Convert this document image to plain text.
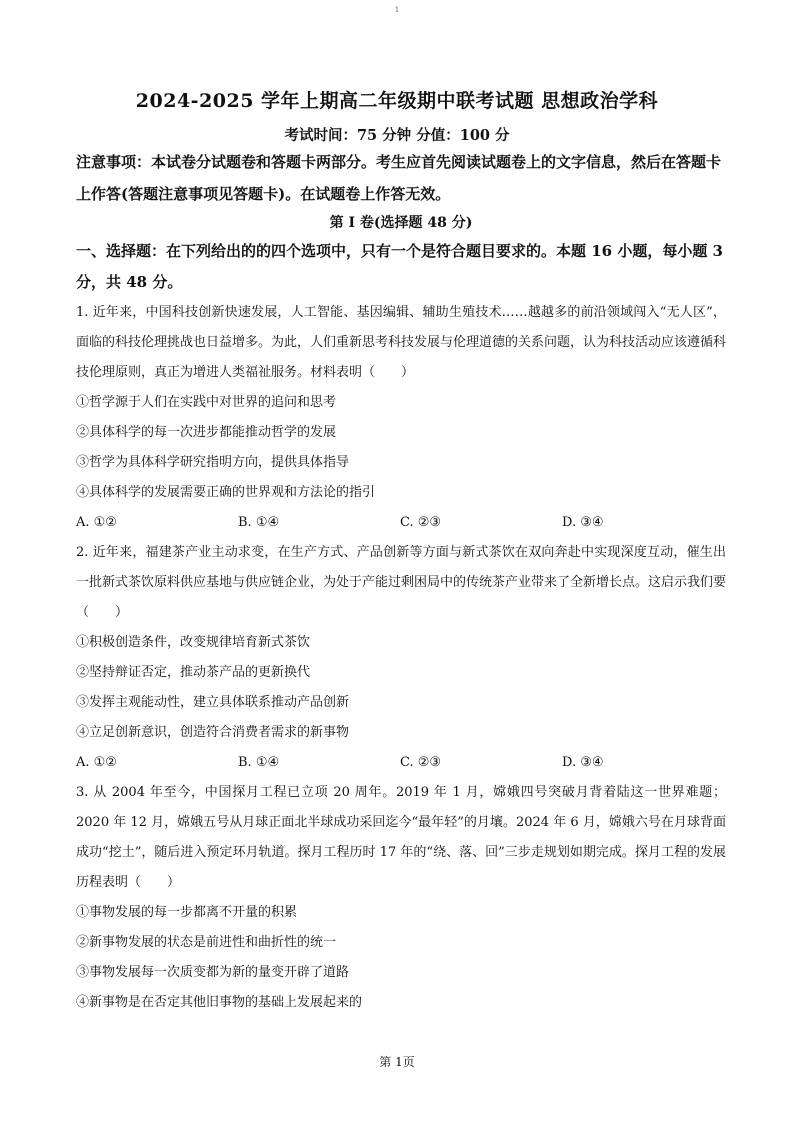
1
2024-2025 学年上期高二年级期中联考试题 思想政治学科
考试时间：75 分钟 分值：100 分

注意事项：本试卷分试题卷和答题卡两部分。考生应首先阅读试题卷上的文字信息，然后在答题卡上作答(答题注意事项见答题卡)。在试题卷上作答无效。

第 I 卷(选择题 48 分)

一、选择题：在下列给出的的四个选项中，只有一个是符合题目要求的。本题 16 小题，每小题 3 分，共 48 分。

1. 近年来，中国科技创新快速发展，人工智能、基因编辑、辅助生殖技术……越越多的前沿领域闯入“无人区”，面临的科技伦理挑战也日益增多。为此，人们重新思考科技发展与伦理道德的关系问题，认为科技活动应该遵循科技伦理原则，真正为增进人类福祉服务。材料表明（　　）

①哲学源于人们在实践中对世界的追问和思考

②具体科学的每一次进步都能推动哲学的发展

③哲学为具体科学研究指明方向，提供具体指导

④具体科学的发展需要正确的世界观和方法论的指引

A. ①②	B. ①④	C. ②③	D. ③④

2. 近年来，福建茶产业主动求变，在生产方式、产品创新等方面与新式茶饮在双向奔赴中实现深度互动，催生出一批新式茶饮原料供应基地与供应链企业，为处于产能过剩困局中的传统茶产业带来了全新增长点。这启示我们要（　　）

①积极创造条件，改变规律培育新式茶饮

②坚持辩证否定，推动茶产品的更新换代

③发挥主观能动性，建立具体联系推动产品创新

④立足创新意识，创造符合消费者需求的新事物

A. ①②	B. ①④	C. ②③	D. ③④

3. 从 2004 年至今，中国探月工程已立项 20 周年。2019 年 1 月，嫦娥四号突破月背着陆这一世界难题；2020 年 12 月，嫦娥五号从月球正面北半球成功采回迄今“最年轻”的月壤。2024 年 6 月，嫦娥六号在月球背面成功“挖土”，随后进入预定环月轨道。探月工程历时 17 年的“绕、落、回”三步走规划如期完成。探月工程的发展历程表明（　　）

①事物发展的每一步都离不开量的积累

②新事物发展的状态是前进性和曲折性的统一

③事物发展每一次质变都为新的量变开辟了道路

④新事物是在否定其他旧事物的基础上发展起来的

第 1页
